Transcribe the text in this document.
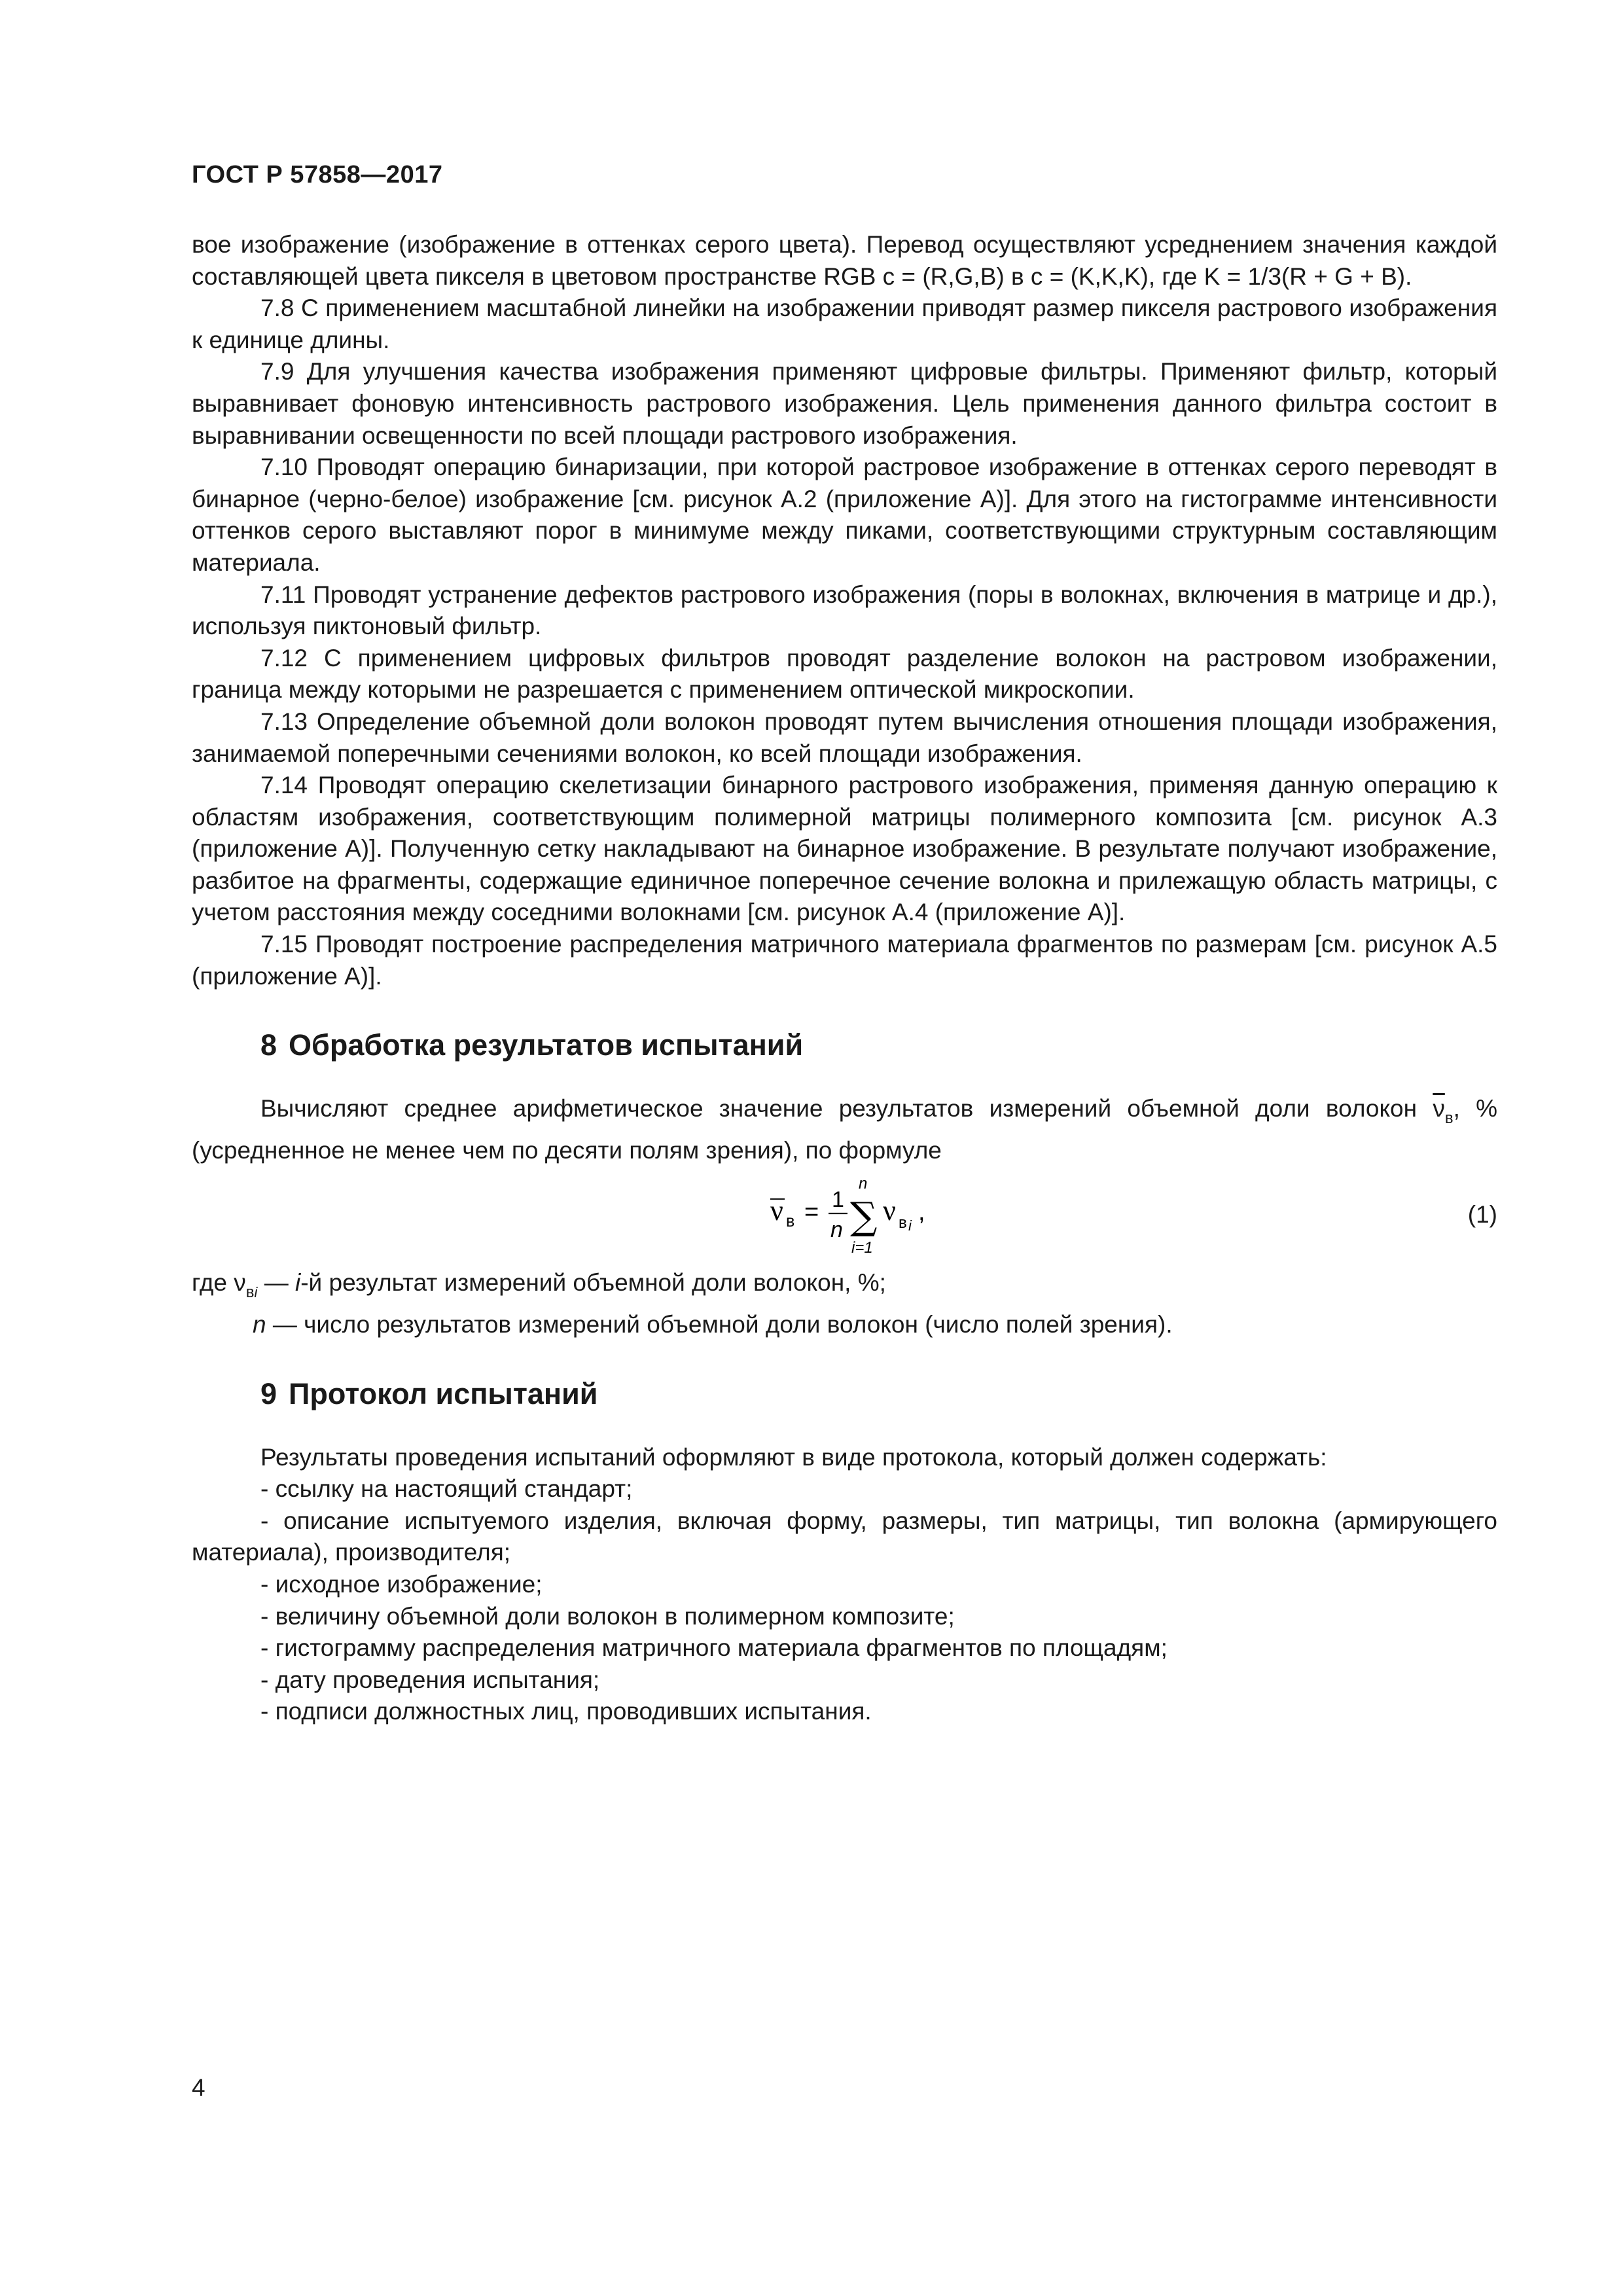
ГОСТ Р 57858—2017

вое изображение (изображение в оттенках серого цвета). Перевод осуществляют усреднением значения каждой составляющей цвета пикселя в цветовом пространстве RGB с = (R,G,B) в с = (K,K,K), где K = 1/3(R + G + B).

7.8 С применением масштабной линейки на изображении приводят размер пикселя растрового изображения к единице длины.

7.9 Для улучшения качества изображения применяют цифровые фильтры. Применяют фильтр, который выравнивает фоновую интенсивность растрового изображения. Цель применения данного фильтра состоит в выравнивании освещенности по всей площади растрового изображения.

7.10 Проводят операцию бинаризации, при которой растровое изображение в оттенках серого переводят в бинарное (черно-белое) изображение [см. рисунок А.2 (приложение А)]. Для этого на гистограмме интенсивности оттенков серого выставляют порог в минимуме между пиками, соответствующими структурным составляющим материала.

7.11 Проводят устранение дефектов растрового изображения (поры в волокнах, включения в матрице и др.), используя пиктоновый фильтр.

7.12 С применением цифровых фильтров проводят разделение волокон на растровом изображении, граница между которыми не разрешается с применением оптической микроскопии.

7.13 Определение объемной доли волокон проводят путем вычисления отношения площади изображения, занимаемой поперечными сечениями волокон, ко всей площади изображения.

7.14 Проводят операцию скелетизации бинарного растрового изображения, применяя данную операцию к областям изображения, соответствующим полимерной матрицы полимерного композита [см. рисунок А.3 (приложение А)]. Полученную сетку накладывают на бинарное изображение. В результате получают изображение, разбитое на фрагменты, содержащие единичное поперечное сечение волокна и прилежащую область матрицы, с учетом расстояния между соседними волокнами [см. рисунок А.4 (приложение А)].

7.15 Проводят построение распределения матричного материала фрагментов по размерам [см. рисунок А.5 (приложение А)].

8 Обработка результатов испытаний

Вычисляют среднее арифметическое значение результатов измерений объемной доли волокон $\overline{\nu}_в$, % (усредненное не менее чем по десяти полям зрения), по формуле

ν в = 1
n
n
∑
i=1
ν в i ,	(1)

где $\nu_{вi}$ — i-й результат измерений объемной доли волокон, %;

n — число результатов измерений объемной доли волокон (число полей зрения).

9 Протокол испытаний

Результаты проведения испытаний оформляют в виде протокола, который должен содержать:

- ссылку на настоящий стандарт;

- описание испытуемого изделия, включая форму, размеры, тип матрицы, тип волокна (армирующего материала), производителя;

- исходное изображение;

- величину объемной доли волокон в полимерном композите;

- гистограмму распределения матричного материала фрагментов по площадям;

- дату проведения испытания;

- подписи должностных лиц, проводивших испытания.

4
